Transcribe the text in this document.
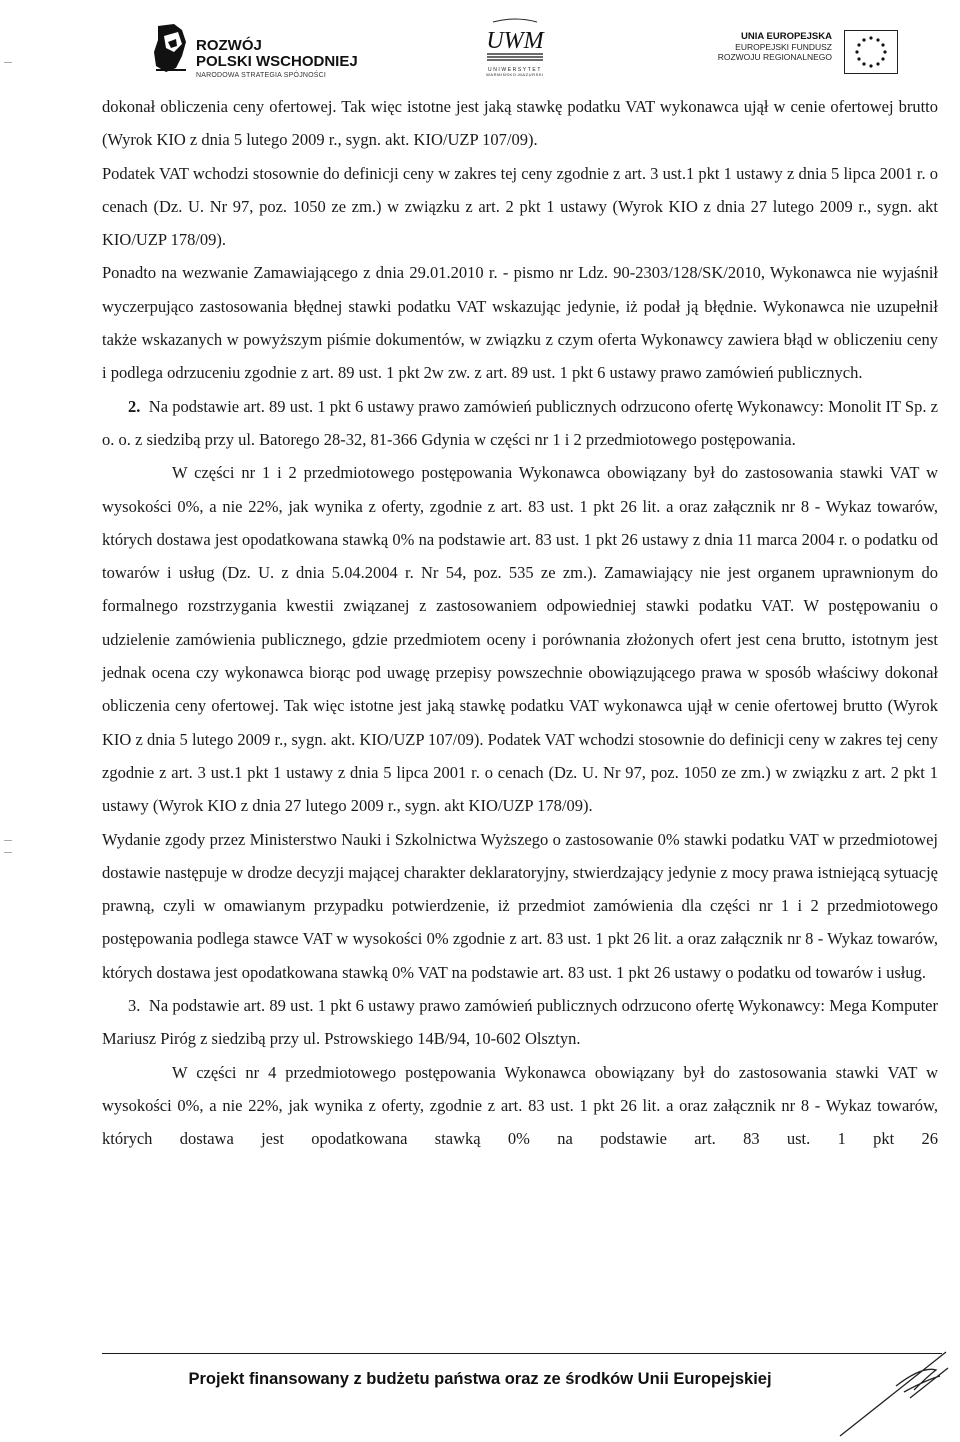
ROZWÓJ
POLSKI WSCHODNIEJ
NARODOWA STRATEGIA SPÓJNOŚCI
UWM
UNIWERSYTET
WARMIŃSKO-MAZURSKI
UNIA EUROPEJSKA
EUROPEJSKI FUNDUSZ
ROZWOJU REGIONALNEGO

dokonał obliczenia ceny ofertowej. Tak więc istotne jest jaką stawkę podatku VAT wykonawca ujął w cenie ofertowej brutto (Wyrok KIO z dnia 5 lutego 2009 r., sygn. akt. KIO/UZP 107/09).

Podatek VAT wchodzi stosownie do definicji ceny w zakres tej ceny zgodnie z art. 3 ust.1 pkt 1 ustawy z dnia 5 lipca 2001 r. o cenach (Dz. U. Nr 97, poz. 1050 ze zm.) w związku z art. 2 pkt 1 ustawy (Wyrok KIO z dnia 27 lutego 2009 r., sygn. akt KIO/UZP 178/09).

Ponadto na wezwanie Zamawiającego z dnia 29.01.2010 r. - pismo nr Ldz. 90-2303/128/SK/2010, Wykonawca nie wyjaśnił wyczerpująco zastosowania błędnej stawki podatku VAT wskazując jedynie, iż podał ją błędnie. Wykonawca nie uzupełnił także wskazanych w powyższym piśmie dokumentów, w związku z czym oferta Wykonawcy zawiera błąd w obliczeniu ceny i podlega odrzuceniu zgodnie z art. 89 ust. 1 pkt 2w zw. z art. 89 ust. 1 pkt 6 ustawy prawo zamówień publicznych.

2. Na podstawie art. 89 ust. 1 pkt 6 ustawy prawo zamówień publicznych odrzucono ofertę Wykonawcy: Monolit IT Sp. z o. o. z siedzibą przy ul. Batorego 28-32, 81-366 Gdynia w części nr 1 i 2 przedmiotowego postępowania.

W części nr 1 i 2 przedmiotowego postępowania Wykonawca obowiązany był do zastosowania stawki VAT w wysokości 0%, a nie 22%, jak wynika z oferty, zgodnie z art. 83 ust. 1 pkt 26 lit. a oraz załącznik nr 8 - Wykaz towarów, których dostawa jest opodatkowana stawką 0% na podstawie art. 83 ust. 1 pkt 26 ustawy z dnia 11 marca 2004 r. o podatku od towarów i usług (Dz. U. z dnia 5.04.2004 r. Nr 54, poz. 535 ze zm.). Zamawiający nie jest organem uprawnionym do formalnego rozstrzygania kwestii związanej z zastosowaniem odpowiedniej stawki podatku VAT. W postępowaniu o udzielenie zamówienia publicznego, gdzie przedmiotem oceny i porównania złożonych ofert jest cena brutto, istotnym jest jednak ocena czy wykonawca biorąc pod uwagę przepisy powszechnie obowiązującego prawa w sposób właściwy dokonał obliczenia ceny ofertowej. Tak więc istotne jest jaką stawkę podatku VAT wykonawca ujął w cenie ofertowej brutto (Wyrok KIO z dnia 5 lutego 2009 r., sygn. akt. KIO/UZP 107/09). Podatek VAT wchodzi stosownie do definicji ceny w zakres tej ceny zgodnie z art. 3 ust.1 pkt 1 ustawy z dnia 5 lipca 2001 r. o cenach (Dz. U. Nr 97, poz. 1050 ze zm.) w związku z art. 2 pkt 1 ustawy (Wyrok KIO z dnia 27 lutego 2009 r., sygn. akt KIO/UZP 178/09).

Wydanie zgody przez Ministerstwo Nauki i Szkolnictwa Wyższego o zastosowanie 0% stawki podatku VAT w przedmiotowej dostawie następuje w drodze decyzji mającej charakter deklaratoryjny, stwierdzający jedynie z mocy prawa istniejącą sytuację prawną, czyli w omawianym przypadku potwierdzenie, iż przedmiot zamówienia dla części nr 1 i 2 przedmiotowego postępowania podlega stawce VAT w wysokości 0% zgodnie z art. 83 ust. 1 pkt 26 lit. a oraz załącznik nr 8 - Wykaz towarów, których dostawa jest opodatkowana stawką 0% VAT na podstawie art. 83 ust. 1 pkt 26 ustawy o podatku od towarów i usług.

3. Na podstawie art. 89 ust. 1 pkt 6 ustawy prawo zamówień publicznych odrzucono ofertę Wykonawcy: Mega Komputer Mariusz Piróg z siedzibą przy ul. Pstrowskiego 14B/94, 10-602 Olsztyn.

W części nr 4 przedmiotowego postępowania Wykonawca obowiązany był do zastosowania stawki VAT w wysokości 0%, a nie 22%, jak wynika z oferty, zgodnie z art. 83 ust. 1 pkt 26 lit. a oraz załącznik nr 8 - Wykaz towarów, których dostawa jest opodatkowana stawką 0% na podstawie art. 83 ust. 1 pkt 26

Projekt finansowany z budżetu państwa oraz ze środków Unii Europejskiej
